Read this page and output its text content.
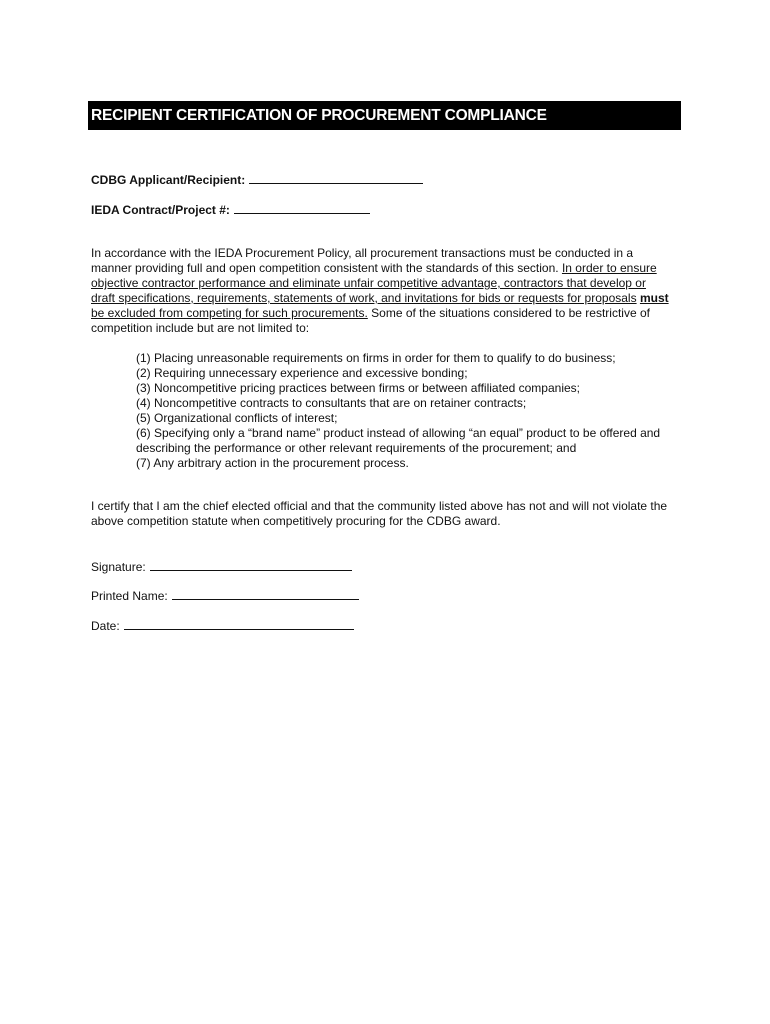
RECIPIENT CERTIFICATION OF PROCUREMENT COMPLIANCE
CDBG Applicant/Recipient:
IEDA Contract/Project #:
In accordance with the IEDA Procurement Policy, all procurement transactions must be conducted in a manner providing full and open competition consistent with the standards of this section. In order to ensure objective contractor performance and eliminate unfair competitive advantage, contractors that develop or draft specifications, requirements, statements of work, and invitations for bids or requests for proposals must be excluded from competing for such procurements. Some of the situations considered to be restrictive of competition include but are not limited to:
(1) Placing unreasonable requirements on firms in order for them to qualify to do business;
(2) Requiring unnecessary experience and excessive bonding;
(3) Noncompetitive pricing practices between firms or between affiliated companies;
(4) Noncompetitive contracts to consultants that are on retainer contracts;
(5) Organizational conflicts of interest;
(6) Specifying only a “brand name” product instead of allowing “an equal” product to be offered and describing the performance or other relevant requirements of the procurement; and
(7) Any arbitrary action in the procurement process.
I certify that I am the chief elected official and that the community listed above has not and will not violate the above competition statute when competitively procuring for the CDBG award.
Signature:
Printed Name:
Date:
